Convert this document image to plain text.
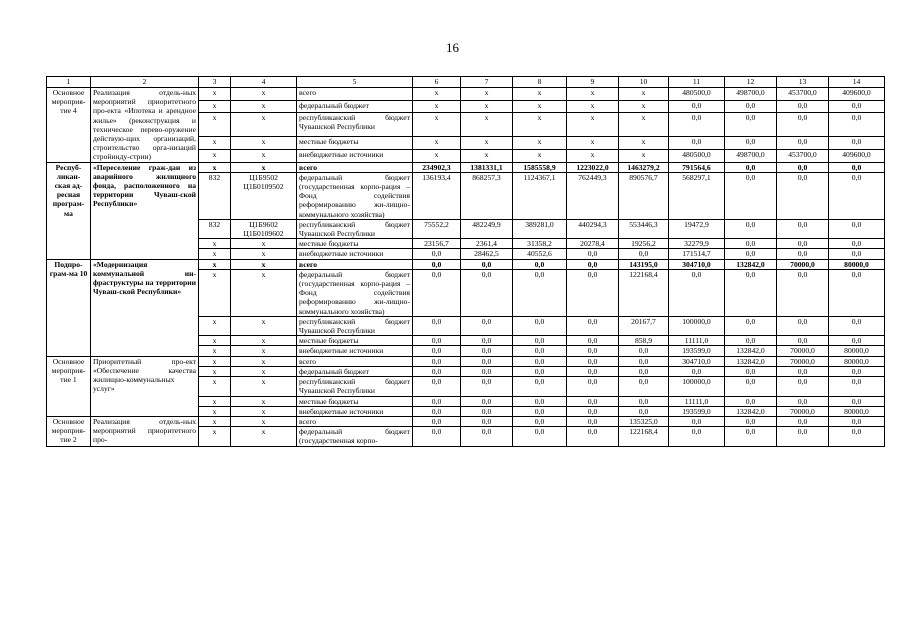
16
1	2	3	4	5	6	7	8	9	10	11	12	13	14
Основное мероприя-тие 4	Реализация отдель-ных мероприятий приоритетного про-екта «Ипотека и арендное жилье» (реконструкция и техническое перево-оружение действую-щих организаций, строительство орга-низаций стройинду-стрии)	x	x	всего	x	x	x	x	x	480500,0	498700,0	453700,0	409600,0
		x	x	федеральный бюджет	x	x	x	x	x	0,0	0,0	0,0	0,0
		x	x	республиканский бюджет Чувашской Республики	x	x	x	x	x	0,0	0,0	0,0	0,0
		x	x	местные бюджеты	x	x	x	x	x	0,0	0,0	0,0	0,0
		x	x	внебюджетные источники	x	x	x	x	x	480500,0	498700,0	453700,0	409600,0
Респуб-ликан-ская ад-ресная програм-ма	«Переселение граж-дан из аварийного жилищного фонда, расположенного на территории Чуваш-ской Республики»	x	x	всего	234902,3	1381331,1	1585558,9	1223022,0	1463279,2	791564,6	0,0	0,0	0,0
		832	Ц1Б9502 Ц1Б0109502	федеральный бюджет (государственная корпо-рация – Фонд содействия реформированию жи-лищно-коммунального хозяйства)	136193,4	868257,3	1124367,1	762449,3	890576,7	568297,1	0,0	0,0	0,0
		832	Ц1Б9602 Ц1Б0109602	республиканский бюджет Чувашской Республики	75552,2	482249,9	389281,0	440294,3	553446,3	19472,9	0,0	0,0	0,0
		x	x	местные бюджеты	23156,7	2361,4	31358,2	20278,4	19256,2	32279,9	0,0	0,0	0,0
		x	x	внебюджетные источники	0,0	28462,5	40552,6	0,0	0,0	171514,7	0,0	0,0	0,0
Подпро-грам-ма 10	«Модернизация коммунальной ин-фраструктуры на территории Чуваш-ской Республики»	x	x	всего	0,0	0,0	0,0	0,0	143195,0	304710,0	132842,0	70000,0	80000,0
		x	x	федеральный бюджет (государственная корпо-рация – Фонд содействия реформированию жи-лищно-коммунального хозяйства)	0,0	0,0	0,0	0,0	122168,4	0,0	0,0	0,0	0,0
		x	x	республиканский бюджет Чувашской Республики	0,0	0,0	0,0	0,0	20167,7	100000,0	0,0	0,0	0,0
		x	x	местные бюджеты	0,0	0,0	0,0	0,0	858,9	11111,0	0,0	0,0	0,0
		x	x	внебюджетные источники	0,0	0,0	0,0	0,0	0,0	193599,0	132842,0	70000,0	80000,0
Основное мероприя-тие 1	Приоритетный про-ект «Обеспечение качества жилищно-коммунальных услуг»	x	x	всего	0,0	0,0	0,0	0,0	0,0	304710,0	132842,0	70000,0	80000,0
		x	x	федеральный бюджет	0,0	0,0	0,0	0,0	0,0	0,0	0,0	0,0	0,0
		x	x	республиканский бюджет Чувашской Республики	0,0	0,0	0,0	0,0	0,0	100000,0	0,0	0,0	0,0
		x	x	местные бюджеты	0,0	0,0	0,0	0,0	0,0	11111,0	0,0	0,0	0,0
		x	x	внебюджетные источники	0,0	0,0	0,0	0,0	0,0	193599,0	132842,0	70000,0	80000,0
Основное мероприя-тие 2	Реализация отдель-ных мероприятий приоритетного про-	x	x	всего	0,0	0,0	0,0	0,0	135325,0	0,0	0,0	0,0	0,0
		x	x	федеральный бюджет (государственная корпо-	0,0	0,0	0,0	0,0	122168,4	0,0	0,0	0,0	0,0
